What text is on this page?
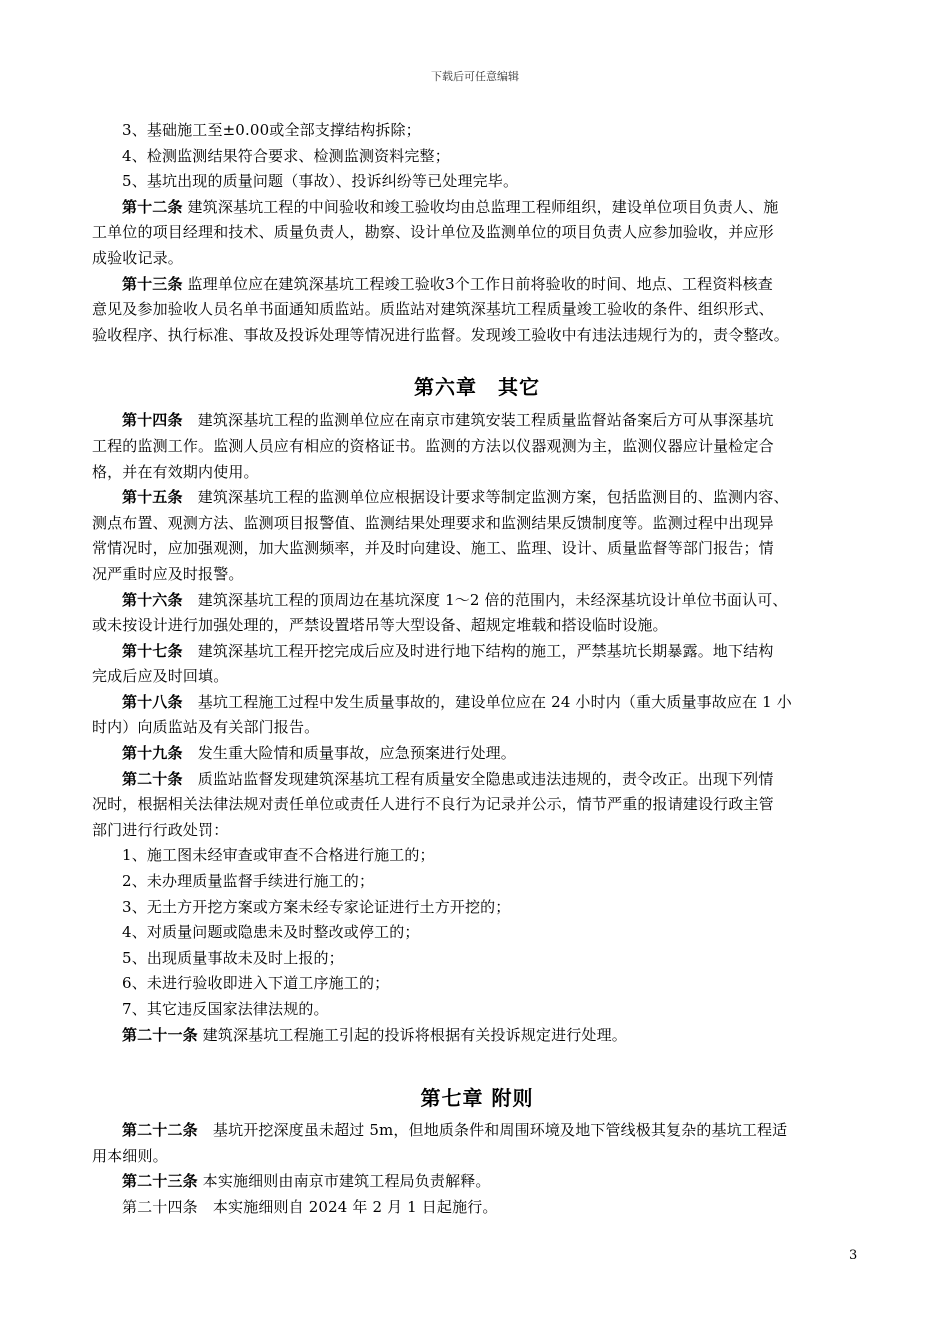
下载后可任意编辑
3、基础施工至±0.00或全部支撑结构拆除；
4、检测监测结果符合要求、检测监测资料完整；
5、基坑出现的质量问题（事故）、投诉纠纷等已处理完毕。
第十二条 建筑深基坑工程的中间验收和竣工验收均由总监理工程师组织，建设单位项目负责人、施
工单位的项目经理和技术、质量负责人，勘察、设计单位及监测单位的项目负责人应参加验收，并应形
成验收记录。
第十三条 监理单位应在建筑深基坑工程竣工验收3个工作日前将验收的时间、地点、工程资料核查
意见及参加验收人员名单书面通知质监站。质监站对建筑深基坑工程质量竣工验收的条件、组织形式、
验收程序、执行标准、事故及投诉处理等情况进行监督。发现竣工验收中有违法违规行为的，责令整改。
第六章　其它
第十四条　建筑深基坑工程的监测单位应在南京市建筑安装工程质量监督站备案后方可从事深基坑
工程的监测工作。监测人员应有相应的资格证书。监测的方法以仪器观测为主，监测仪器应计量检定合
格，并在有效期内使用。
第十五条　建筑深基坑工程的监测单位应根据设计要求等制定监测方案，包括监测目的、监测内容、
测点布置、观测方法、监测项目报警值、监测结果处理要求和监测结果反馈制度等。监测过程中出现异
常情况时，应加强观测，加大监测频率，并及时向建设、施工、监理、设计、质量监督等部门报告；情
况严重时应及时报警。
第十六条　建筑深基坑工程的顶周边在基坑深度 1～2 倍的范围内，未经深基坑设计单位书面认可、
或未按设计进行加强处理的，严禁设置塔吊等大型设备、超规定堆载和搭设临时设施。
第十七条　建筑深基坑工程开挖完成后应及时进行地下结构的施工，严禁基坑长期暴露。地下结构
完成后应及时回填。
第十八条　基坑工程施工过程中发生质量事故的，建设单位应在 24 小时内（重大质量事故应在 1 小
时内）向质监站及有关部门报告。
第十九条　发生重大险情和质量事故，应急预案进行处理。
第二十条　质监站监督发现建筑深基坑工程有质量安全隐患或违法违规的，责令改正。出现下列情
况时，根据相关法律法规对责任单位或责任人进行不良行为记录并公示，情节严重的报请建设行政主管
部门进行行政处罚：
1、施工图未经审查或审查不合格进行施工的；
2、未办理质量监督手续进行施工的；
3、无土方开挖方案或方案未经专家论证进行土方开挖的；
4、对质量问题或隐患未及时整改或停工的；
5、出现质量事故未及时上报的；
6、未进行验收即进入下道工序施工的；
7、其它违反国家法律法规的。
第二十一条 建筑深基坑工程施工引起的投诉将根据有关投诉规定进行处理。
第七章 附则
第二十二条　基坑开挖深度虽未超过 5m，但地质条件和周围环境及地下管线极其复杂的基坑工程适
用本细则。
第二十三条 本实施细则由南京市建筑工程局负责解释。
第二十四条　本实施细则自 2024 年 2 月 1 日起施行。
3
